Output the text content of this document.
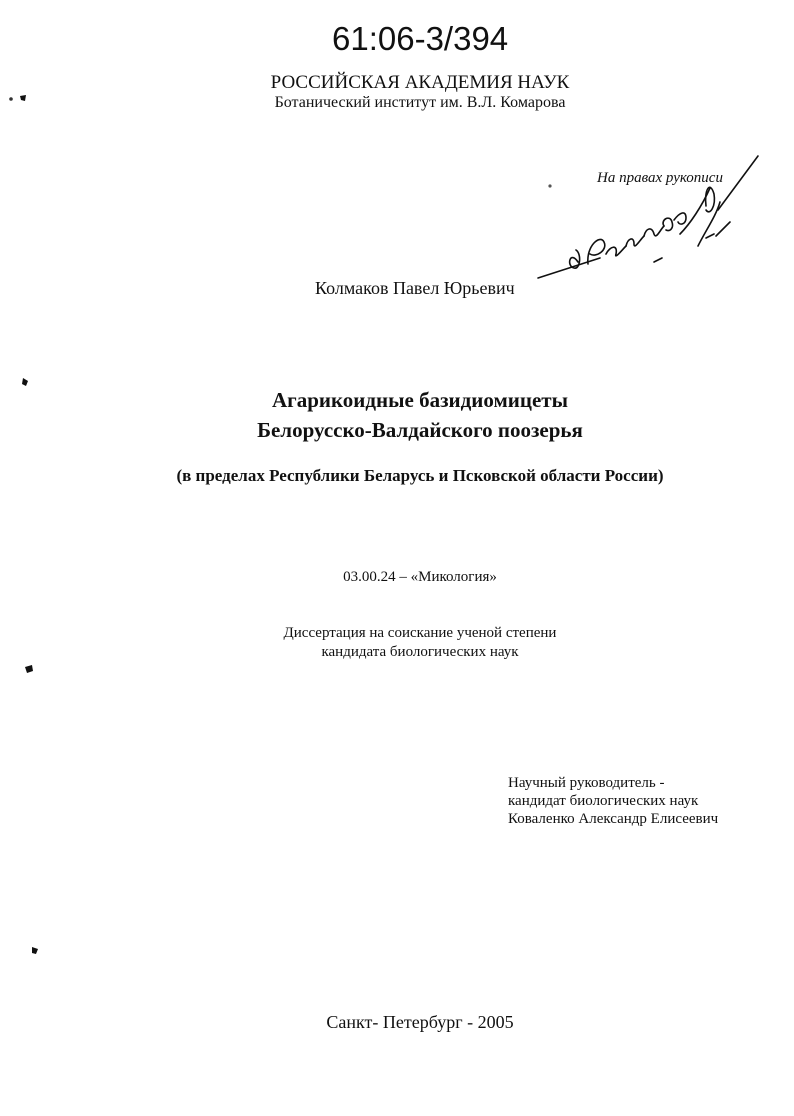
61:06-3/394
РОССИЙСКАЯ АКАДЕМИЯ НАУК
Ботанический институт им. В.Л. Комарова
На правах рукописи
Колмаков Павел Юрьевич
Агарикоидные базидиомицеты
Белорусско-Валдайского поозерья
(в пределах Республики Беларусь и Псковской области России)
03.00.24 – «Микология»
Диссертация на соискание ученой степени
кандидата биологических наук
Научный руководитель -
кандидат биологических наук
Коваленко Александр Елисеевич
Санкт- Петербург - 2005
